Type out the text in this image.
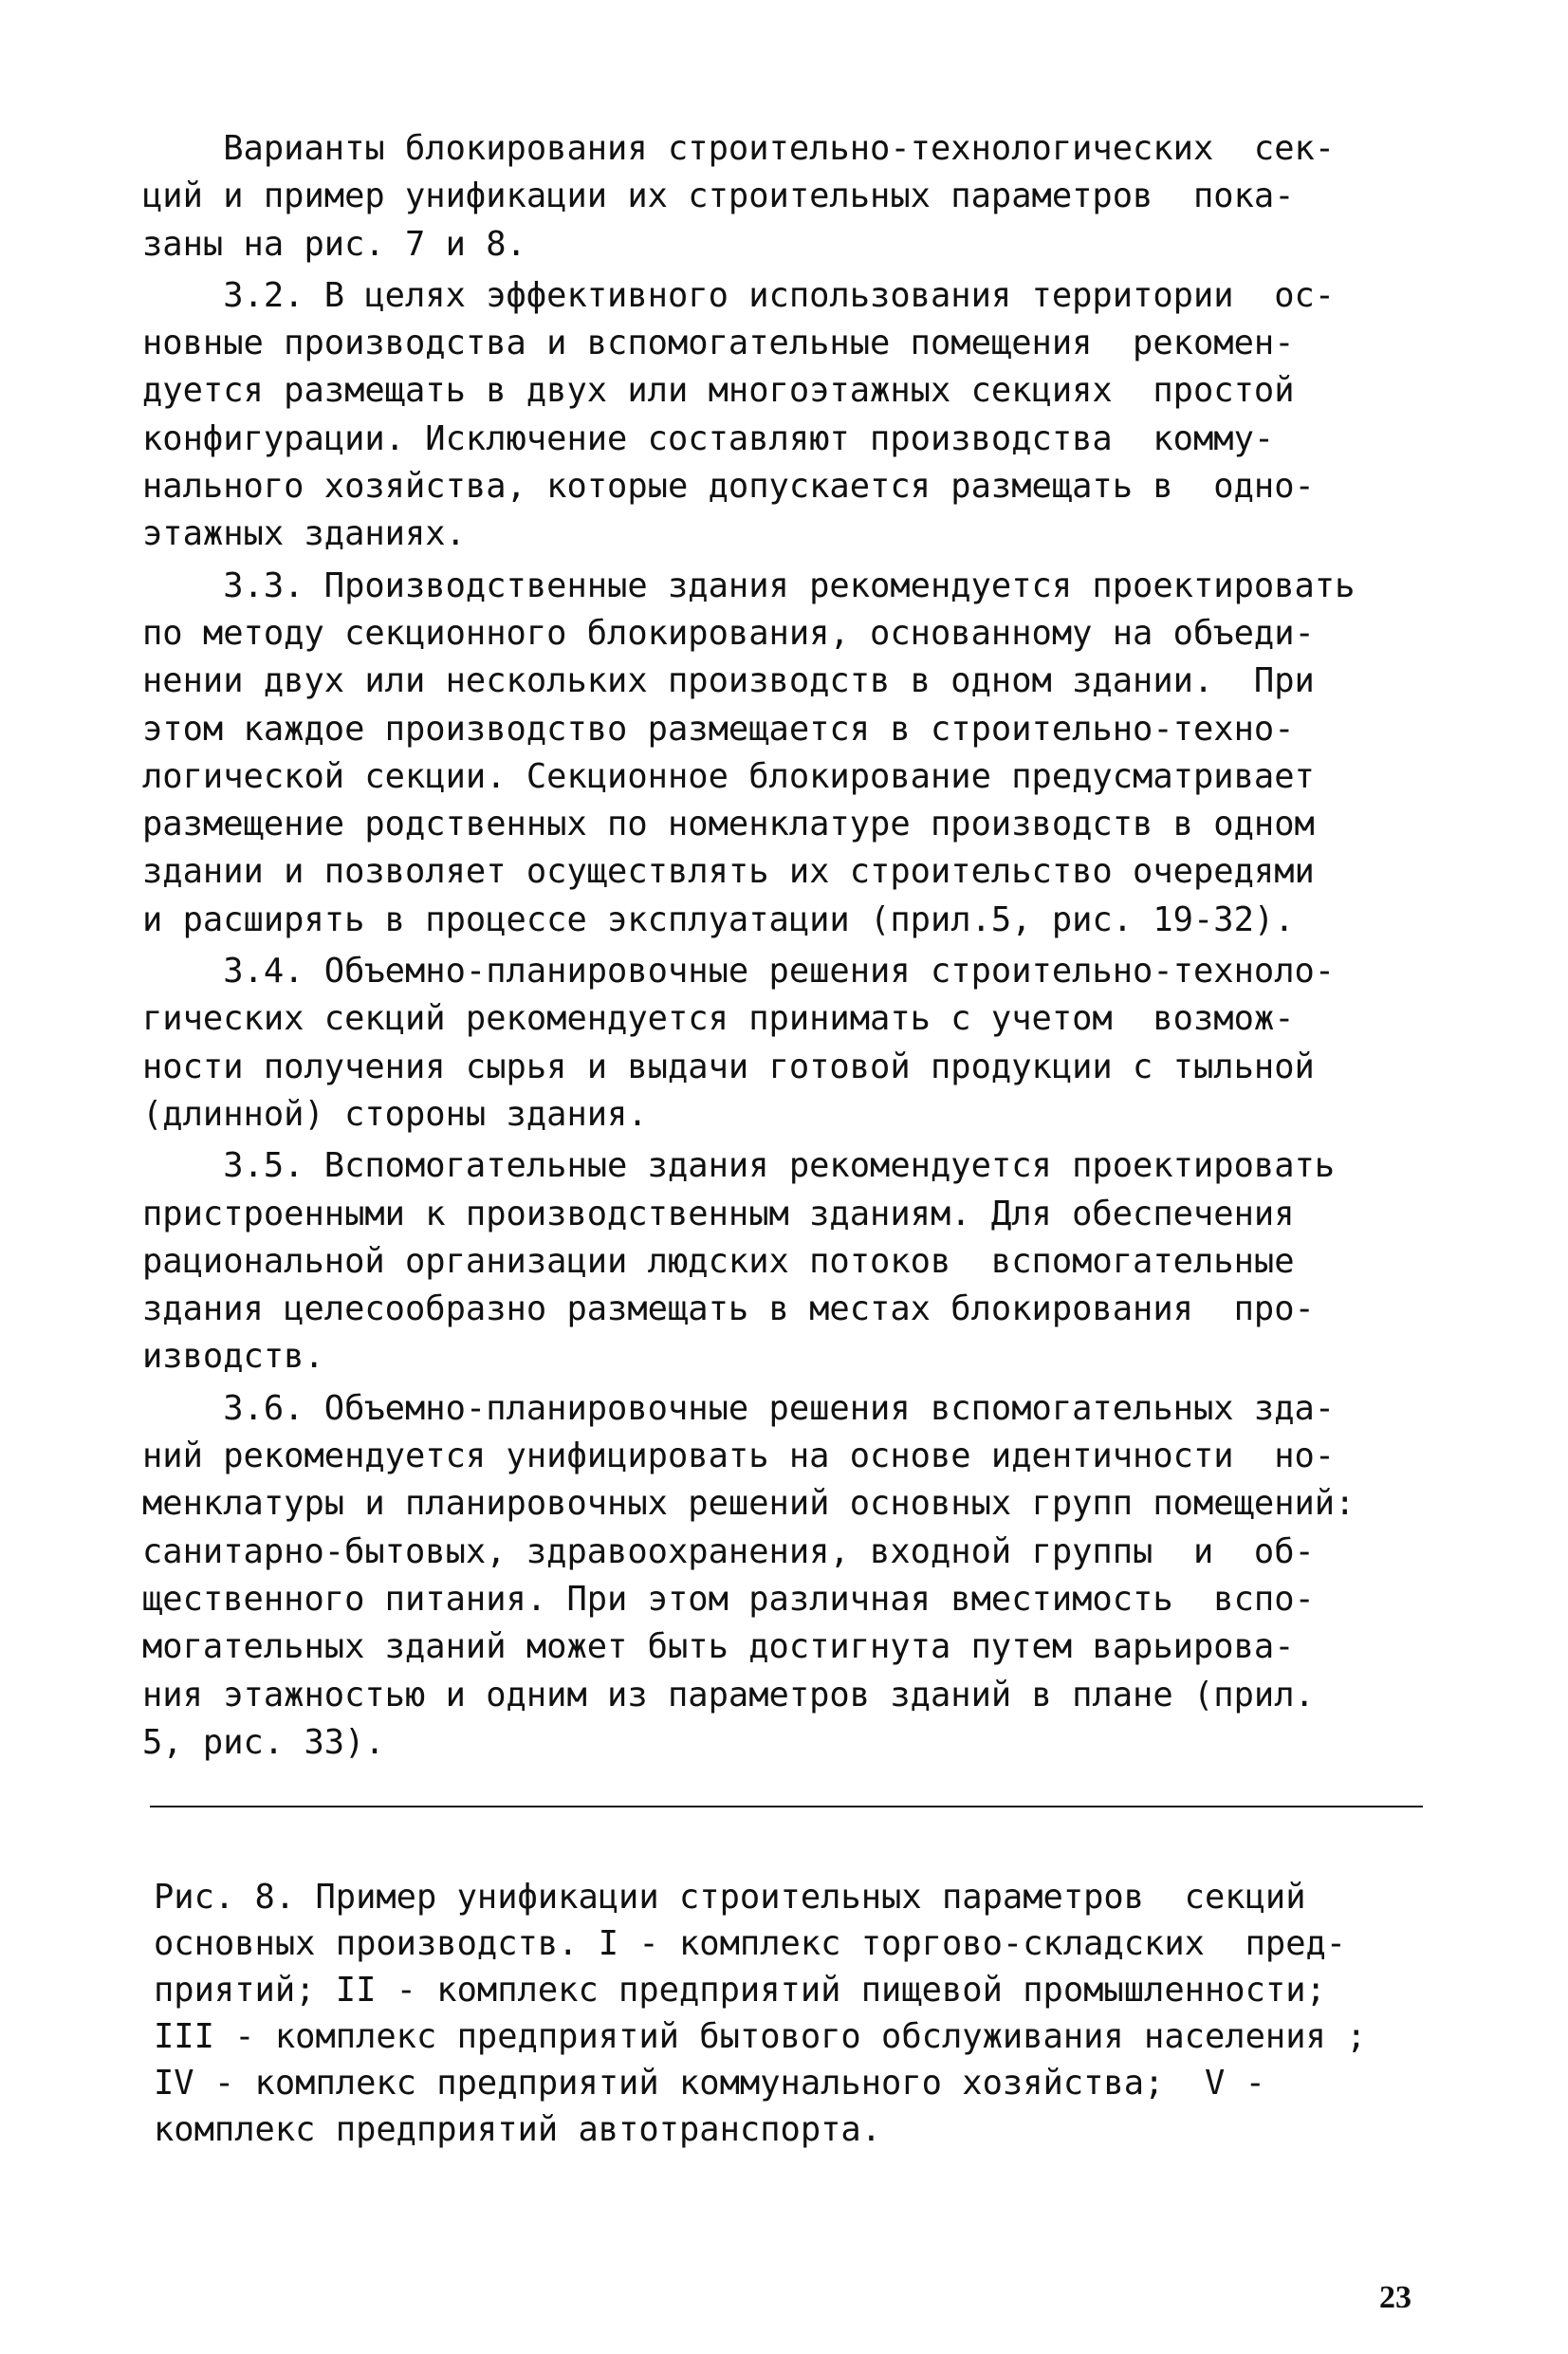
Варианты блокирования строительно-технологических  сек-
ций и пример унификации их строительных параметров  пока-
заны на рис. 7 и 8.
3.2. В целях эффективного использования территории  ос-
новные производства и вспомогательные помещения  рекомен-
дуется размещать в двух или многоэтажных секциях  простой
конфигурации. Исключение составляют производства  комму-
нального хозяйства, которые допускается размещать в  одно-
этажных зданиях.
3.3. Производственные здания рекомендуется проектировать
по методу секционного блокирования, основанному на объеди-
нении двух или нескольких производств в одном здании.  При
этом каждое производство размещается в строительно-техно-
логической секции. Секционное блокирование предусматривает
размещение родственных по номенклатуре производств в одном
здании и позволяет осуществлять их строительство очередями
и расширять в процессе эксплуатации (прил.5, рис. 19-32).
3.4. Объемно-планировочные решения строительно-техноло-
гических секций рекомендуется принимать с учетом  возмож-
ности получения сырья и выдачи готовой продукции с тыльной
(длинной) стороны здания.
3.5. Вспомогательные здания рекомендуется проектировать
пристроенными к производственным зданиям. Для обеспечения
рациональной организации людских потоков  вспомогательные
здания целесообразно размещать в местах блокирования  про-
изводств.
3.6. Объемно-планировочные решения вспомогательных зда-
ний рекомендуется унифицировать на основе идентичности  но-
менклатуры и планировочных решений основных групп помещений:
санитарно-бытовых, здравоохранения, входной группы  и  об-
щественного питания. При этом различная вместимость  вспо-
могательных зданий может быть достигнута путем варьирова-
ния этажностью и одним из параметров зданий в плане (прил.
5, рис. 33).
Рис. 8. Пример унификации строительных параметров  секций
основных производств. I - комплекс торгово-складских  пред-
приятий; II - комплекс предприятий пищевой промышленности;
III - комплекс предприятий бытового обслуживания населения ;
IV - комплекс предприятий коммунального хозяйства;  V -
комплекс предприятий автотранспорта.
23
